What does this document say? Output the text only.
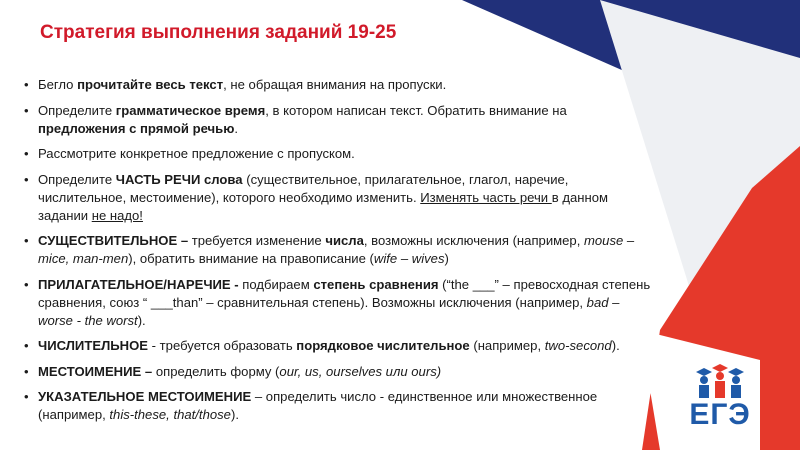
Стратегия выполнения заданий 19-25
• Бегло прочитайте весь текст, не обращая внимания на пропуски.
• Определите грамматическое время, в котором написан текст. Обратить внимание на предложения с прямой речью.
• Рассмотрите конкретное предложение с пропуском.
• Определите ЧАСТЬ РЕЧИ слова (существительное, прилагательное, глагол, наречие, числительное, местоимение), которого необходимо изменить. Изменять часть речи в данном задании не надо!
• СУЩЕСТВИТЕЛЬНОЕ – требуется изменение числа, возможны исключения (например, mouse – mice, man-men), обратить внимание на правописание (wife – wives)
• ПРИЛАГАТЕЛЬНОЕ/НАРЕЧИЕ - подбираем степень сравнения (“the ___” – превосходная степень сравнения, союз “ ___than” – сравнительная степень). Возможны исключения (например, bad – worse - the worst).
• ЧИСЛИТЕЛЬНОЕ - требуется образовать порядковое числительное (например, two-second).
• МЕСТОИМЕНИЕ – определить форму (our, us, ourselves или ours)
• УКАЗАТЕЛЬНОЕ МЕСТОИМЕНИЕ – определить число - единственное или множественное (например, this-these, that/those).	ЕГЭ
